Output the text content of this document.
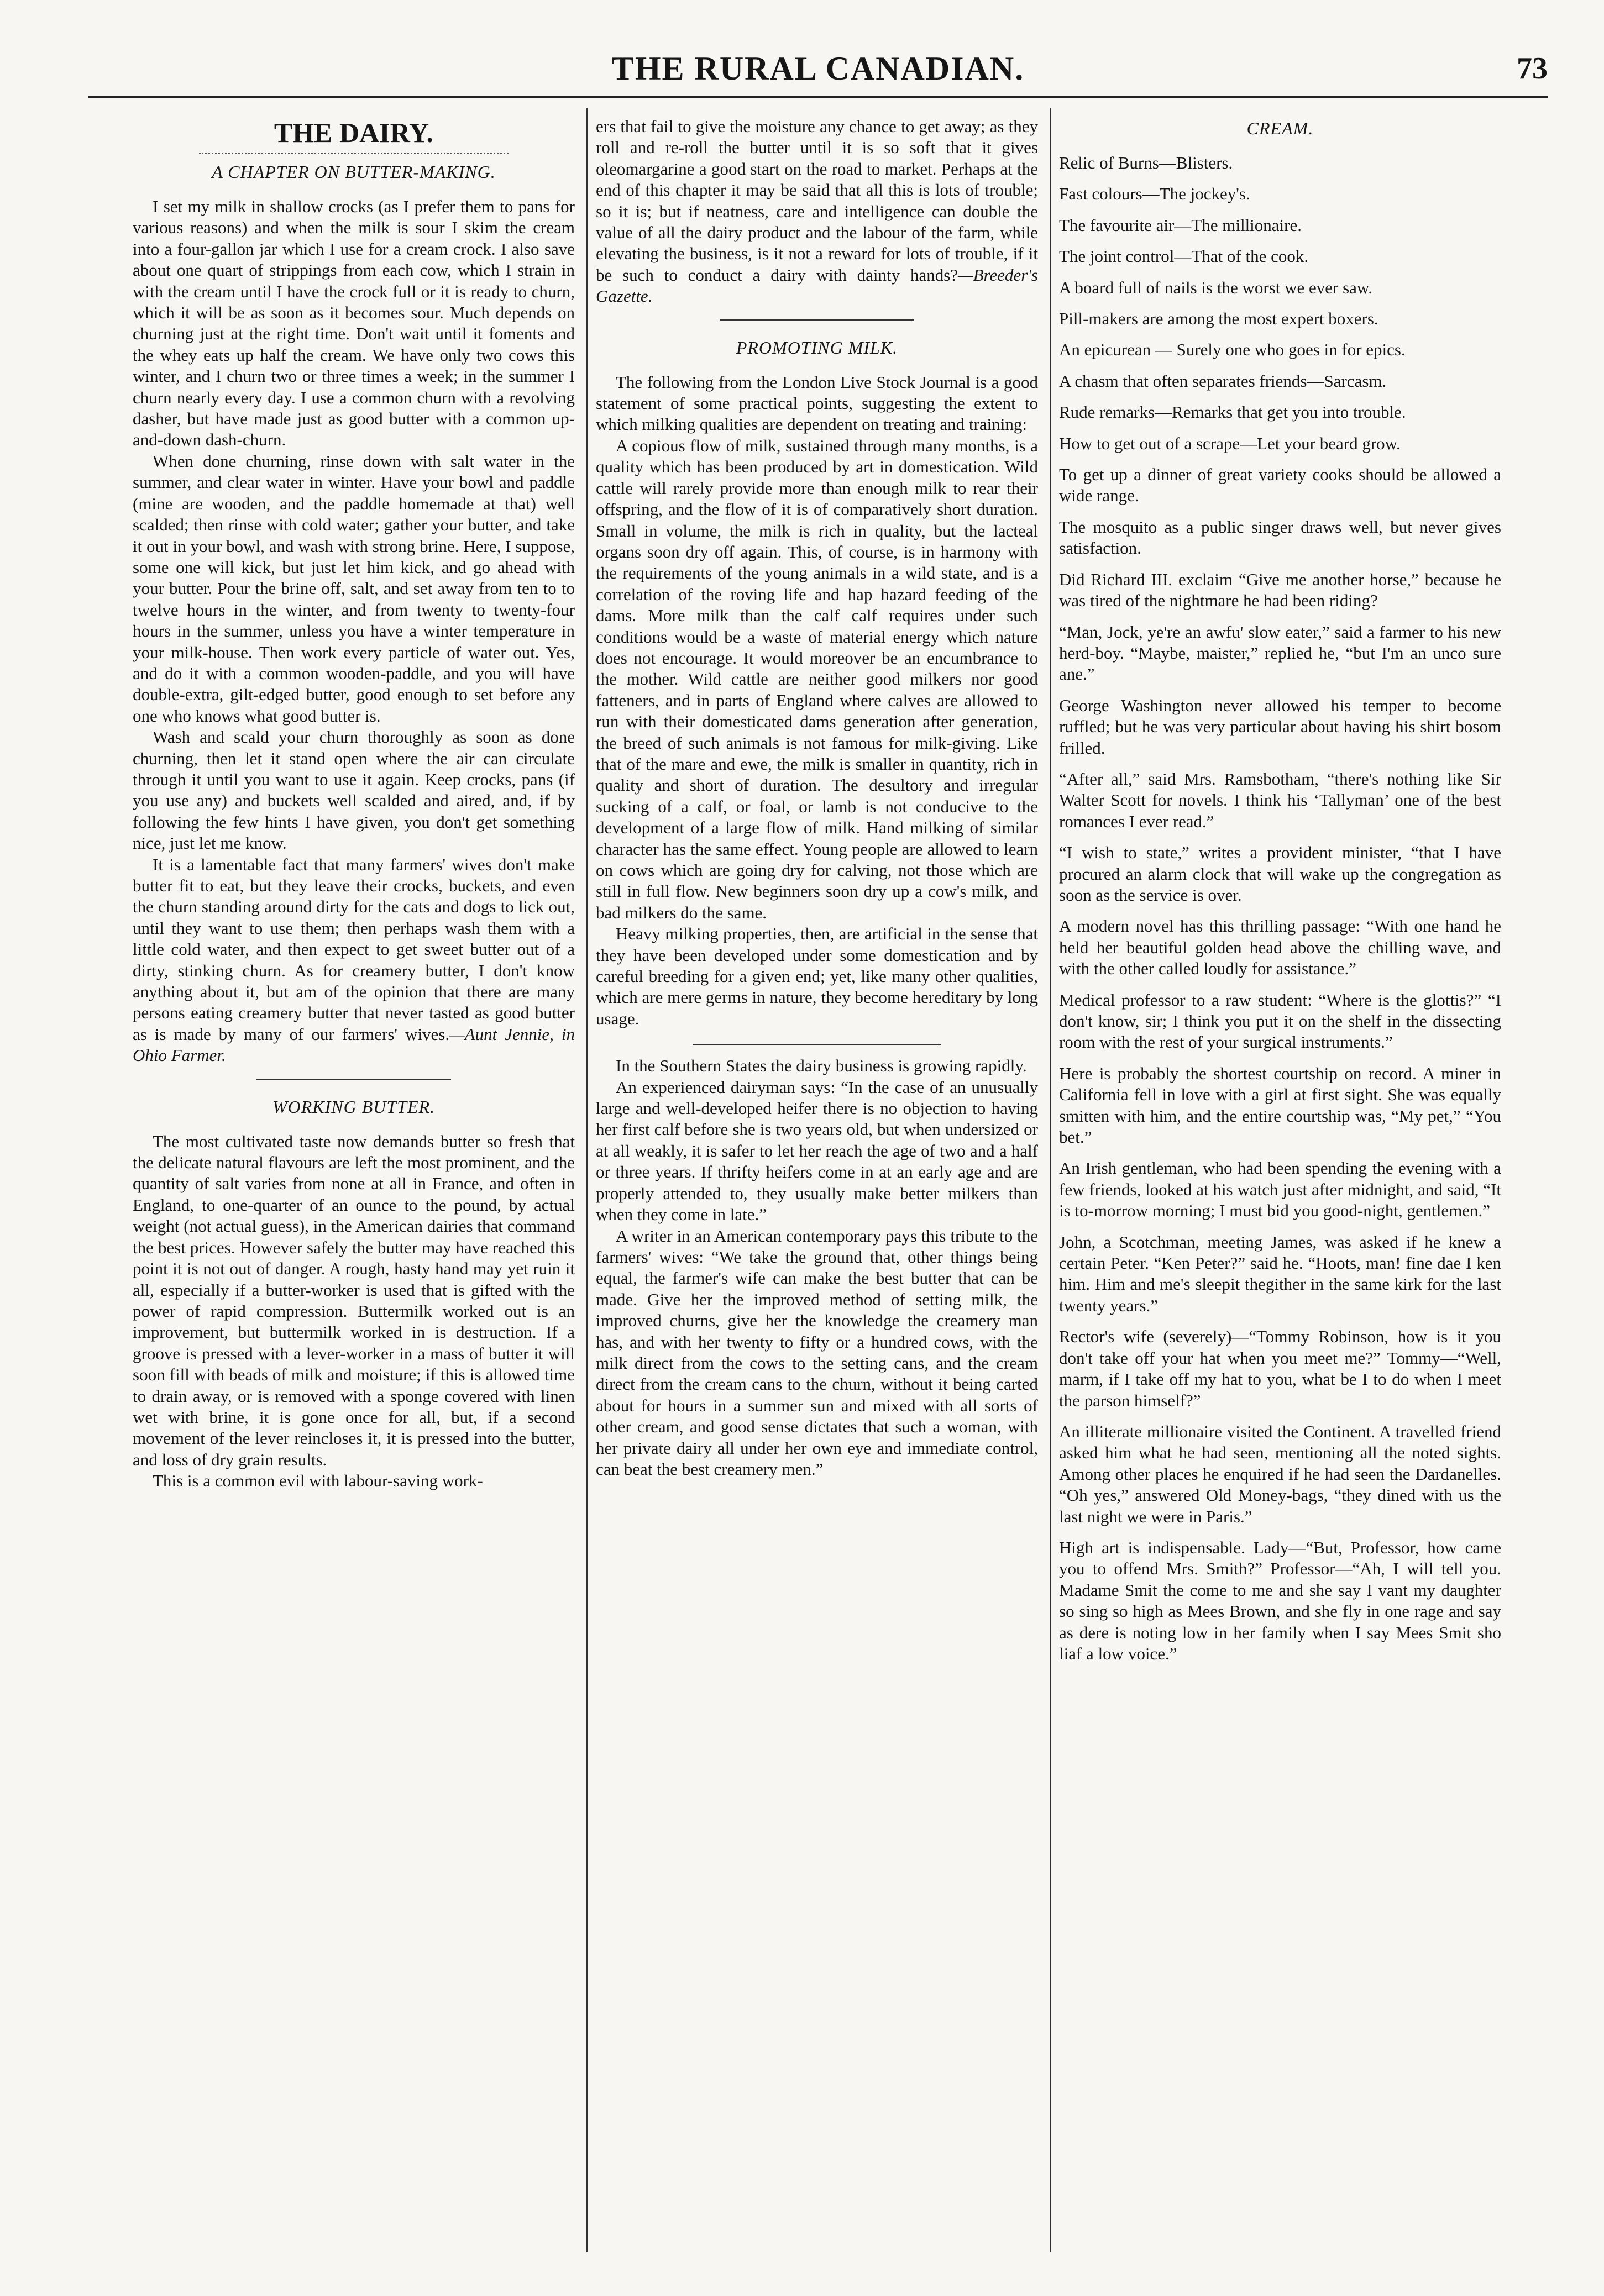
THE RURAL CANADIAN.	73
THE DAIRY.
A CHAPTER ON BUTTER-MAKING.

I set my milk in shallow crocks (as I prefer them to pans for various reasons) and when the milk is sour I skim the cream into a four-gallon jar which I use for a cream crock. I also save about one quart of strippings from each cow, which I strain in with the cream until I have the crock full or it is ready to churn, which it will be as soon as it becomes sour. Much depends on churning just at the right time. Don't wait until it foments and the whey eats up half the cream. We have only two cows this winter, and I churn two or three times a week; in the summer I churn nearly every day. I use a common churn with a revolving dasher, but have made just as good butter with a common up-and-down dash-churn.

When done churning, rinse down with salt water in the summer, and clear water in winter. Have your bowl and paddle (mine are wooden, and the paddle homemade at that) well scalded; then rinse with cold water; gather your butter, and take it out in your bowl, and wash with strong brine. Here, I suppose, some one will kick, but just let him kick, and go ahead with your butter. Pour the brine off, salt, and set away from ten to to twelve hours in the winter, and from twenty to twenty-four hours in the summer, unless you have a winter temperature in your milk-house. Then work every particle of water out. Yes, and do it with a common wooden-paddle, and you will have double-extra, gilt-edged butter, good enough to set before any one who knows what good butter is.

Wash and scald your churn thoroughly as soon as done churning, then let it stand open where the air can circulate through it until you want to use it again. Keep crocks, pans (if you use any) and buckets well scalded and aired, and, if by following the few hints I have given, you don't get something nice, just let me know.

It is a lamentable fact that many farmers' wives don't make butter fit to eat, but they leave their crocks, buckets, and even the churn standing around dirty for the cats and dogs to lick out, until they want to use them; then perhaps wash them with a little cold water, and then expect to get sweet butter out of a dirty, stinking churn. As for creamery butter, I don't know anything about it, but am of the opinion that there are many persons eating creamery butter that never tasted as good butter as is made by many of our farmers' wives.—Aunt Jennie, in Ohio Farmer.

WORKING BUTTER.

The most cultivated taste now demands butter so fresh that the delicate natural flavours are left the most prominent, and the quantity of salt varies from none at all in France, and often in England, to one-quarter of an ounce to the pound, by actual weight (not actual guess), in the American dairies that command the best prices. However safely the butter may have reached this point it is not out of danger. A rough, hasty hand may yet ruin it all, especially if a butter-worker is used that is gifted with the power of rapid compression. Buttermilk worked out is an improvement, but buttermilk worked in is destruction. If a groove is pressed with a lever-worker in a mass of butter it will soon fill with beads of milk and moisture; if this is allowed time to drain away, or is removed with a sponge covered with linen wet with brine, it is gone once for all, but, if a second movement of the lever reincloses it, it is pressed into the butter, and loss of dry grain results.

This is a common evil with labour-saving work-

ers that fail to give the moisture any chance to get away; as they roll and re-roll the butter until it is so soft that it gives oleomargarine a good start on the road to market. Perhaps at the end of this chapter it may be said that all this is lots of trouble; so it is; but if neatness, care and intelligence can double the value of all the dairy product and the labour of the farm, while elevating the business, is it not a reward for lots of trouble, if it be such to conduct a dairy with dainty hands?—Breeder's Gazette.

PROMOTING MILK.

The following from the London Live Stock Journal is a good statement of some practical points, suggesting the extent to which milking qualities are dependent on treating and training:

A copious flow of milk, sustained through many months, is a quality which has been produced by art in domestication. Wild cattle will rarely provide more than enough milk to rear their offspring, and the flow of it is of comparatively short duration. Small in volume, the milk is rich in quality, but the lacteal organs soon dry off again. This, of course, is in harmony with the requirements of the young animals in a wild state, and is a correlation of the roving life and hap hazard feeding of the dams. More milk than the calf calf requires under such conditions would be a waste of material energy which nature does not encourage. It would moreover be an encumbrance to the mother. Wild cattle are neither good milkers nor good fatteners, and in parts of England where calves are allowed to run with their domesticated dams generation after generation, the breed of such animals is not famous for milk-giving. Like that of the mare and ewe, the milk is smaller in quantity, rich in quality and short of duration. The desultory and irregular sucking of a calf, or foal, or lamb is not conducive to the development of a large flow of milk. Hand milking of similar character has the same effect. Young people are allowed to learn on cows which are going dry for calving, not those which are still in full flow. New beginners soon dry up a cow's milk, and bad milkers do the same.

Heavy milking properties, then, are artificial in the sense that they have been developed under some domestication and by careful breeding for a given end; yet, like many other qualities, which are mere germs in nature, they become hereditary by long usage.

In the Southern States the dairy business is growing rapidly.

An experienced dairyman says: “In the case of an unusually large and well-developed heifer there is no objection to having her first calf before she is two years old, but when undersized or at all weakly, it is safer to let her reach the age of two and a half or three years. If thrifty heifers come in at an early age and are properly attended to, they usually make better milkers than when they come in late.”

A writer in an American contemporary pays this tribute to the farmers' wives: “We take the ground that, other things being equal, the farmer's wife can make the best butter that can be made. Give her the improved method of setting milk, the improved churns, give her the knowledge the creamery man has, and with her twenty to fifty or a hundred cows, with the milk direct from the cows to the setting cans, and the cream direct from the cream cans to the churn, without it being carted about for hours in a summer sun and mixed with all sorts of other cream, and good sense dictates that such a woman, with her private dairy all under her own eye and immediate control, can beat the best creamery men.”

CREAM.

Relic of Burns—Blisters.

Fast colours—The jockey's.

The favourite air—The millionaire.

The joint control—That of the cook.

A board full of nails is the worst we ever saw.

Pill-makers are among the most expert boxers.

An epicurean — Surely one who goes in for epics.

A chasm that often separates friends—Sarcasm.

Rude remarks—Remarks that get you into trouble.

How to get out of a scrape—Let your beard grow.

To get up a dinner of great variety cooks should be allowed a wide range.

The mosquito as a public singer draws well, but never gives satisfaction.

Did Richard III. exclaim “Give me another horse,” because he was tired of the nightmare he had been riding?

“Man, Jock, ye're an awfu' slow eater,” said a farmer to his new herd-boy. “Maybe, maister,” replied he, “but I'm an unco sure ane.”

George Washington never allowed his temper to become ruffled; but he was very particular about having his shirt bosom frilled.

“After all,” said Mrs. Ramsbotham, “there's nothing like Sir Walter Scott for novels. I think his ‘Tallyman’ one of the best romances I ever read.”

“I wish to state,” writes a provident minister, “that I have procured an alarm clock that will wake up the congregation as soon as the service is over.

A modern novel has this thrilling passage: “With one hand he held her beautiful golden head above the chilling wave, and with the other called loudly for assistance.”

Medical professor to a raw student: “Where is the glottis?” “I don't know, sir; I think you put it on the shelf in the dissecting room with the rest of your surgical instruments.”

Here is probably the shortest courtship on record. A miner in California fell in love with a girl at first sight. She was equally smitten with him, and the entire courtship was, “My pet,” “You bet.”

An Irish gentleman, who had been spending the evening with a few friends, looked at his watch just after midnight, and said, “It is to-morrow morning; I must bid you good-night, gentlemen.”

John, a Scotchman, meeting James, was asked if he knew a certain Peter. “Ken Peter?” said he. “Hoots, man! fine dae I ken him. Him and me's sleepit thegither in the same kirk for the last twenty years.”

Rector's wife (severely)—“Tommy Robinson, how is it you don't take off your hat when you meet me?” Tommy—“Well, marm, if I take off my hat to you, what be I to do when I meet the parson himself?”

An illiterate millionaire visited the Continent. A travelled friend asked him what he had seen, mentioning all the noted sights. Among other places he enquired if he had seen the Dardanelles. “Oh yes,” answered Old Money-bags, “they dined with us the last night we were in Paris.”

High art is indispensable. Lady—“But, Professor, how came you to offend Mrs. Smith?” Professor—“Ah, I will tell you. Madame Smit the come to me and she say I vant my daughter so sing so high as Mees Brown, and she fly in one rage and say as dere is noting low in her family when I say Mees Smit sho liaf a low voice.”
